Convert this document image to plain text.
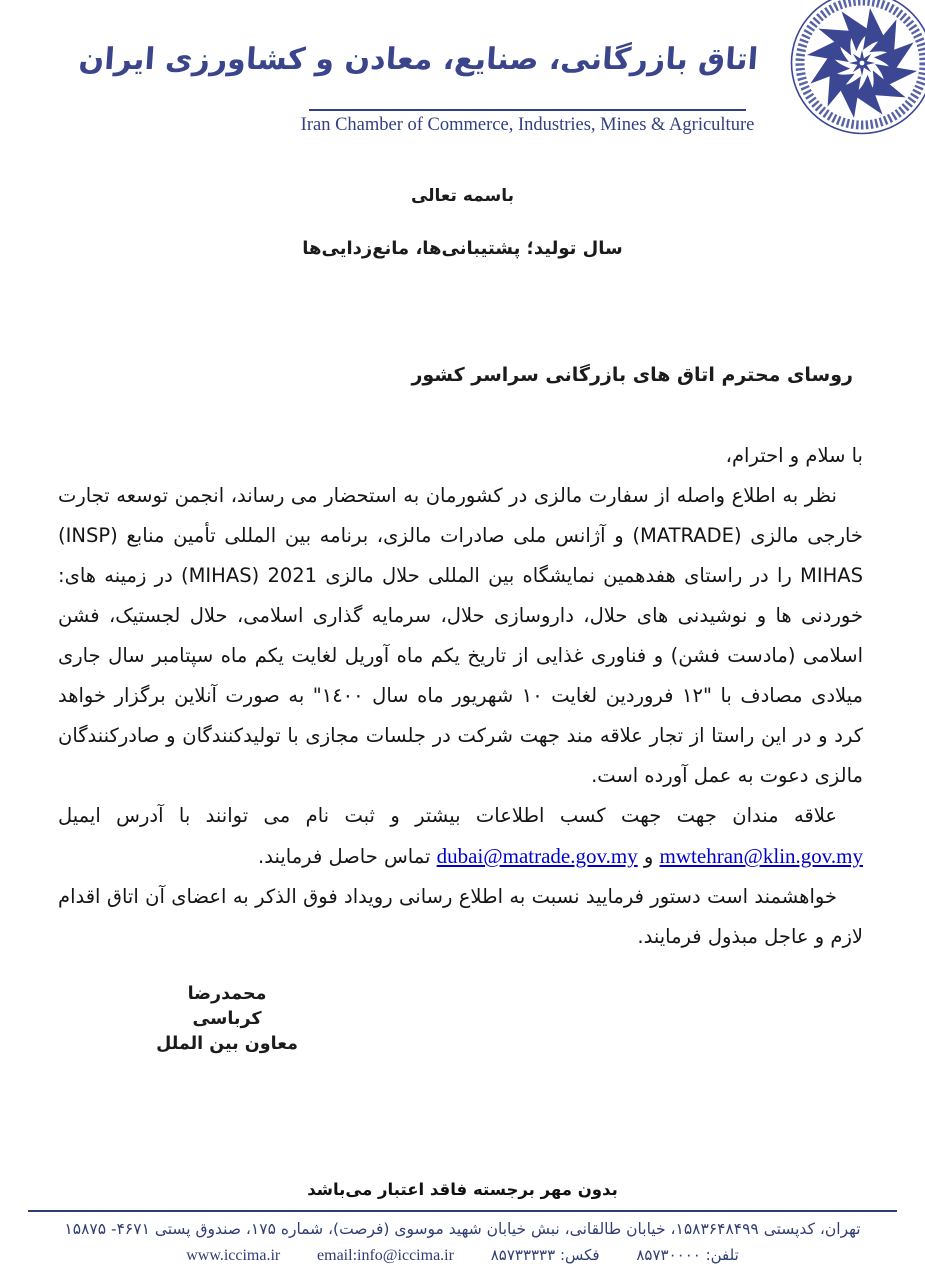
اتاق بازرگانی، صنایع، معادن و کشاورزی ایران
Iran Chamber of Commerce, Industries, Mines & Agriculture
باسمه تعالی
سال تولید؛ پشتیبانی‌ها، مانع‌زدایی‌ها
روسای محترم اتاق های بازرگانی سراسر کشور

با سلام و احترام،

نظر به اطلاع واصله از سفارت مالزی در کشورمان به استحضار می رساند، انجمن توسعه تجارت خارجی مالزی (MATRADE) و آژانس ملی صادرات مالزی، برنامه بین المللی تأمین منابع ⁦(INSP) MIHAS⁩ را در راستای هفدهمین نمایشگاه بین المللی حلال مالزی 2021 (MIHAS) در زمینه های: خوردنی ها و نوشیدنی های حلال، داروسازی حلال، سرمایه گذاری اسلامی، حلال لجستیک، فشن اسلامی (مادست فشن) و فناوری غذایی از تاریخ یکم ماه آوریل لغایت یکم ماه سپتامبر سال جاری میلادی مصادف با "١٢ فروردین لغایت ١٠ شهریور ماه سال ١٤٠٠" به صورت آنلاین برگزار خواهد کرد و در این راستا از تجار علاقه مند جهت شرکت در جلسات مجازی با تولیدکنندگان و صادرکنندگان مالزی دعوت به عمل آورده است.

علاقه مندان جهت جهت کسب اطلاعات بیشتر و ثبت نام می توانند با آدرس ایمیل mwtehran@klin.gov.my و dubai@matrade.gov.my تماس حاصل فرمایند.

خواهشمند است دستور فرمایید نسبت به اطلاع رسانی رویداد فوق الذکر به اعضای آن اتاق اقدام لازم و عاجل مبذول فرمایند.

محمدرضا کرباسی
معاون بین الملل
بدون مهر برجسته فاقد اعتبار می‌باشد
تهران، کدپستی ۱۵۸۳۶۴۸۴۹۹، خیابان طالقانی، نبش خیابان شهید موسوی (فرصت)، شماره ۱۷۵، صندوق پستی ۴۶۷۱- ۱۵۸۷۵
تلفن: ۸۵۷۳۰۰۰۰ فکس: ۸۵۷۳۳۳۳۳ email:info@iccima.ir www.iccima.ir
